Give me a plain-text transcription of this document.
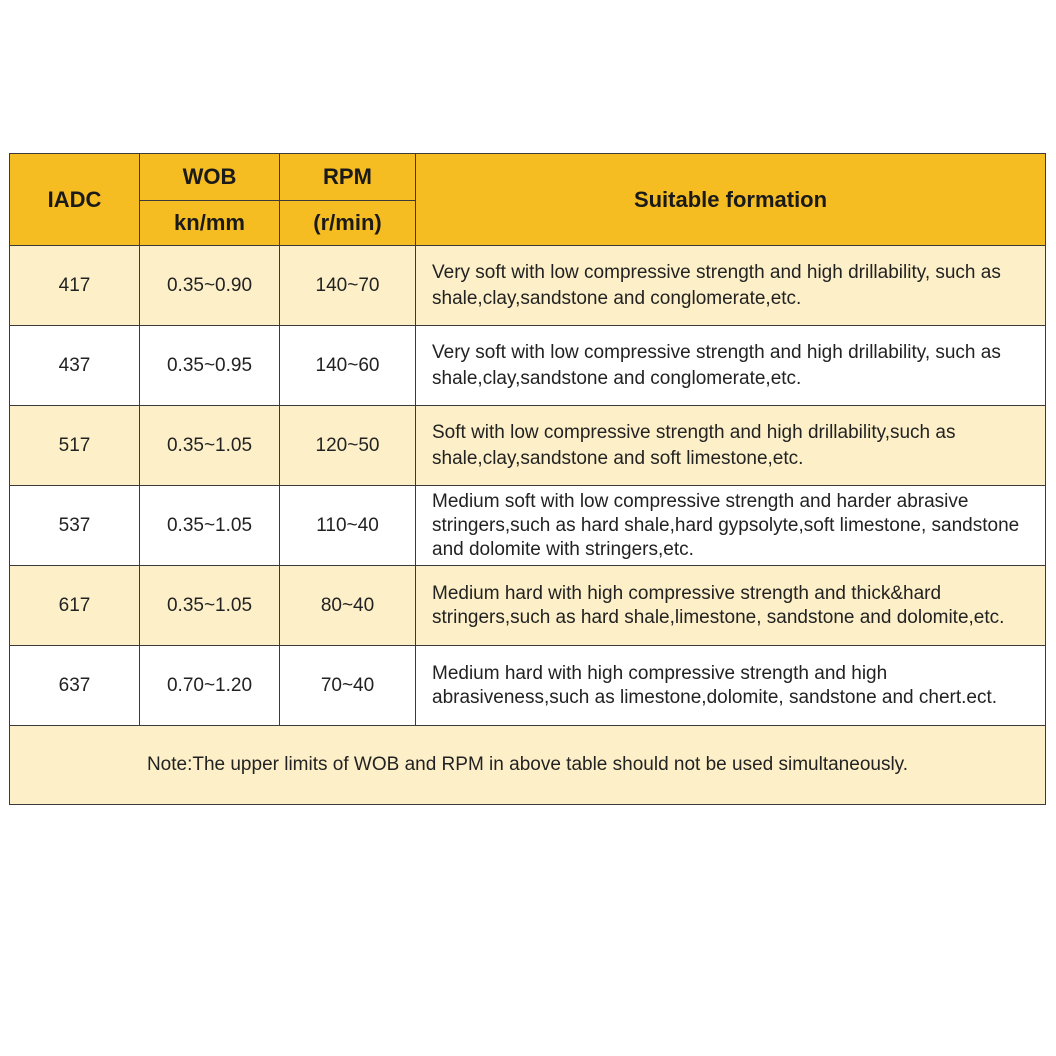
IADC	WOB	RPM	Suitable formation
	kn/mm	(r/min)	
417	0.35~0.90	140~70	Very soft with low compressive strength and high drillability, such as shale,clay,sandstone and conglomerate,etc.
437	0.35~0.95	140~60	Very soft with low compressive strength and high drillability, such as shale,clay,sandstone and conglomerate,etc.
517	0.35~1.05	120~50	Soft with low compressive strength and high drillability,such as shale,clay,sandstone and soft limestone,etc.
537	0.35~1.05	110~40	Medium soft with low compressive strength and harder abrasive stringers,such as hard shale,hard gypsolyte,soft limestone, sandstone and dolomite with stringers,etc.
617	0.35~1.05	80~40	Medium hard with high compressive strength and thick&hard stringers,such as hard shale,limestone, sandstone and dolomite,etc.
637	0.70~1.20	70~40	Medium hard with high compressive strength and high abrasiveness,such as limestone,dolomite, sandstone and chert.ect.
Note:The upper limits of WOB and RPM in above table should not be used simultaneously.			
